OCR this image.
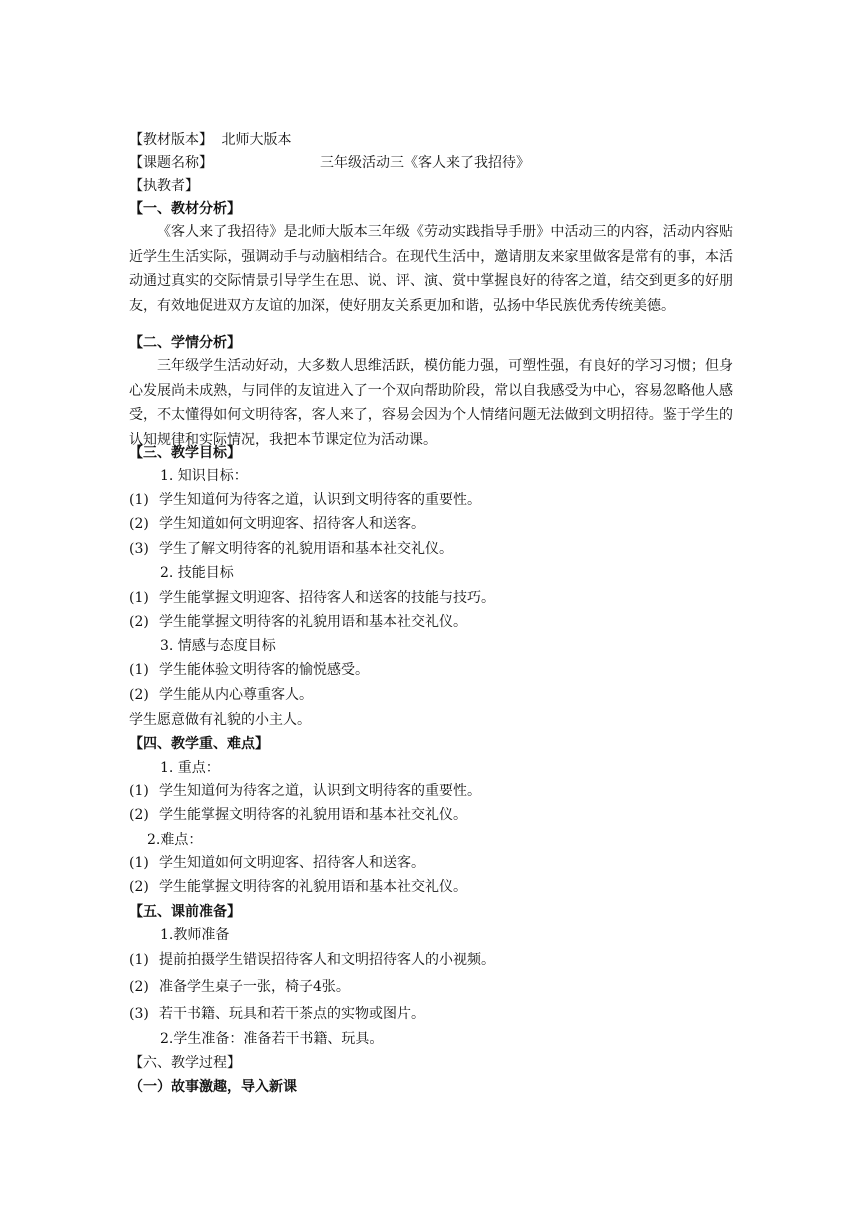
【教材版本】 北师大版本
【课题名称】	三年级活动三《客人来了我招待》
【执教者】
【一、教材分析】

《客人来了我招待》是北师大版本三年级《劳动实践指导手册》中活动三的内容，活动内容贴近学生生活实际，强调动手与动脑相结合。在现代生活中，邀请朋友来家里做客是常有的事，本活动通过真实的交际情景引导学生在思、说、评、演、赏中掌握良好的待客之道，结交到更多的好朋友，有效地促进双方友谊的加深，使好朋友关系更加和谐，弘扬中华民族优秀传统美德。

【二、学情分析】

三年级学生活动好动，大多数人思维活跃，模仿能力强，可塑性强，有良好的学习习惯；但身心发展尚未成熟，与同伴的友谊进入了一个双向帮助阶段，常以自我感受为中心，容易忽略他人感受，不太懂得如何文明待客，客人来了，容易会因为个人情绪问题无法做到文明招待。鉴于学生的认知规律和实际情况，我把本节课定位为活动课。

【三、教学目标】
1. 知识目标：
(1) 学生知道何为待客之道，认识到文明待客的重要性。
(2) 学生知道如何文明迎客、招待客人和送客。
(3) 学生了解文明待客的礼貌用语和基本社交礼仪。
2. 技能目标
(1) 学生能掌握文明迎客、招待客人和送客的技能与技巧。
(2) 学生能掌握文明待客的礼貌用语和基本社交礼仪。
3. 情感与态度目标
(1) 学生能体验文明待客的愉悦感受。
(2) 学生能从内心尊重客人。
学生愿意做有礼貌的小主人。
【四、教学重、难点】
1. 重点：
(1) 学生知道何为待客之道，认识到文明待客的重要性。
(2) 学生能掌握文明待客的礼貌用语和基本社交礼仪。
2.难点：
(1) 学生知道如何文明迎客、招待客人和送客。
(2) 学生能掌握文明待客的礼貌用语和基本社交礼仪。
【五、课前准备】
1.教师准备
(1) 提前拍摄学生错误招待客人和文明招待客人的小视频。
(2) 准备学生桌子一张，椅子4张。
(3) 若干书籍、玩具和若干茶点的实物或图片。
2.学生准备：准备若干书籍、玩具。
【六、教学过程】
（一）故事激趣，导入新课
